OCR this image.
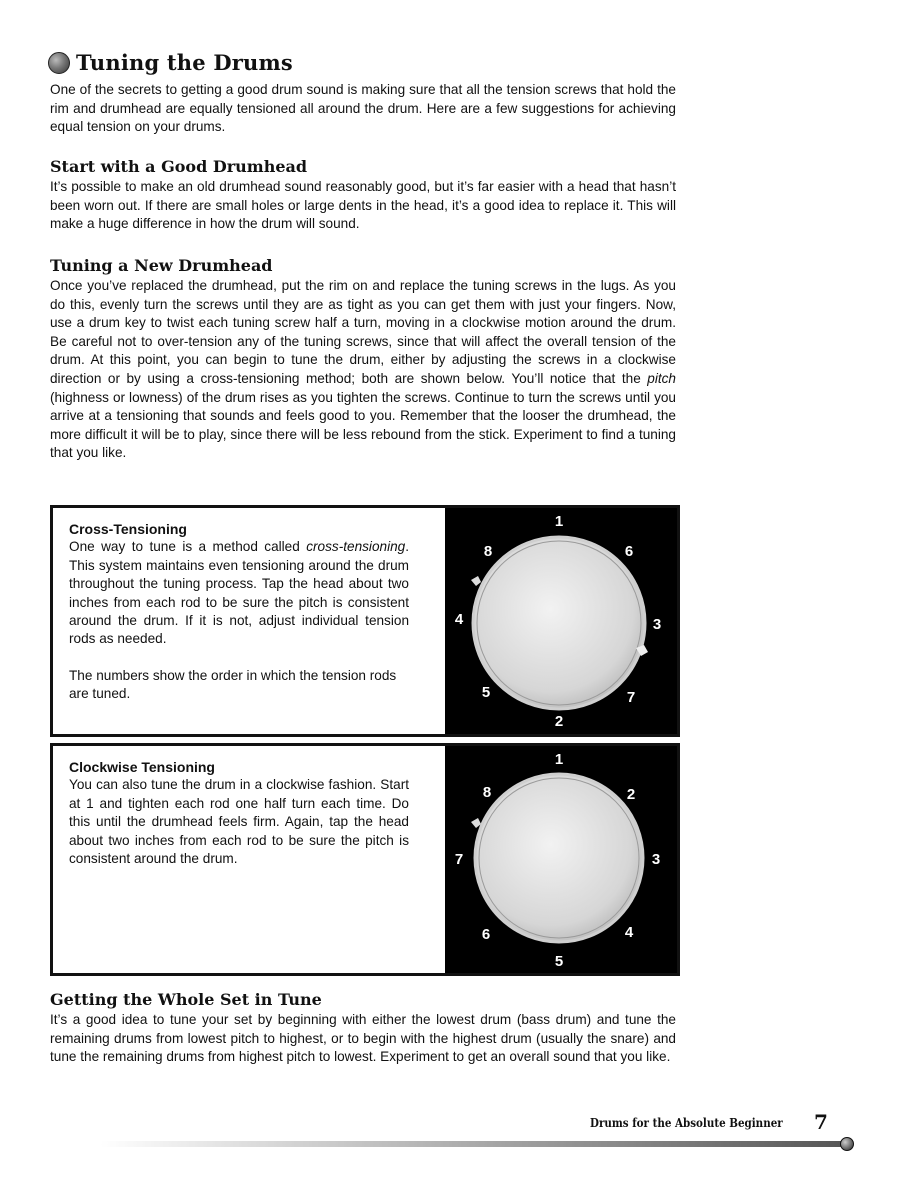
Tuning the Drums

One of the secrets to getting a good drum sound is making sure that all the tension screws that hold the rim and drumhead are equally tensioned all around the drum. Here are a few suggestions for achieving equal tension on your drums.

Start with a Good Drumhead

It’s possible to make an old drumhead sound reasonably good, but it’s far easier with a head that hasn’t been worn out. If there are small holes or large dents in the head, it’s a good idea to replace it. This will make a huge difference in how the drum will sound.

Tuning a New Drumhead

Once you’ve replaced the drumhead, put the rim on and replace the tuning screws in the lugs. As you do this, evenly turn the screws until they are as tight as you can get them with just your fingers. Now, use a drum key to twist each tuning screw half a turn, moving in a clockwise motion around the drum. Be careful not to over-tension any of the tuning screws, since that will affect the overall tension of the drum. At this point, you can begin to tune the drum, either by adjusting the screws in a clockwise direction or by using a cross-tensioning method; both are shown below. You’ll notice that the pitch (highness or lowness) of the drum rises as you tighten the screws. Continue to turn the screws until you arrive at a tensioning that sounds and feels good to you. Remember that the looser the drumhead, the more difficult it will be to play, since there will be less rebound from the stick. Experiment to find a tuning that you like.

Cross-Tensioning

One way to tune is a method called cross-tensioning. This system maintains even tensioning around the drum throughout the tuning process. Tap the head about two inches from each rod to be sure the pitch is consistent around the drum. If it is not, adjust individual tension rods as needed.

The numbers show the order in which the tension rods are tuned.

1
6
3
7
2
5
4
8

Clockwise Tensioning

You can also tune the drum in a clockwise fashion. Start at 1 and tighten each rod one half turn each time. Do this until the drumhead feels firm. Again, tap the head about two inches from each rod to be sure the pitch is consistent around the drum.

1
2
3
4
5
6
7
8
Getting the Whole Set in Tune

It’s a good idea to tune your set by beginning with either the lowest drum (bass drum) and tune the remaining drums from lowest pitch to highest, or to begin with the highest drum (usually the snare) and tune the remaining drums from highest pitch to lowest. Experiment to get an overall sound that you like.

Drums for the Absolute Beginner 7
